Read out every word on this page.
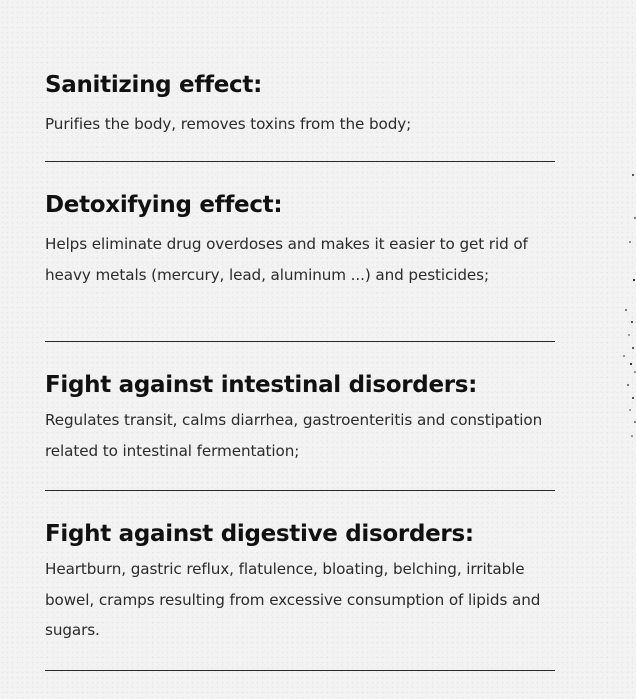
Sanitizing effect:

Purifies the body, removes toxins from the body;

Detoxifying effect:

Helps eliminate drug overdoses and makes it easier to get rid of heavy metals (mercury, lead, aluminum ...) and pesticides;

Fight against intestinal disorders:

Regulates transit, calms diarrhea, gastroenteritis and constipation related to intestinal fermentation;

Fight against digestive disorders:

Heartburn, gastric reflux, flatulence, bloating, belching, irritable bowel, cramps resulting from excessive consumption of lipids and sugars.
